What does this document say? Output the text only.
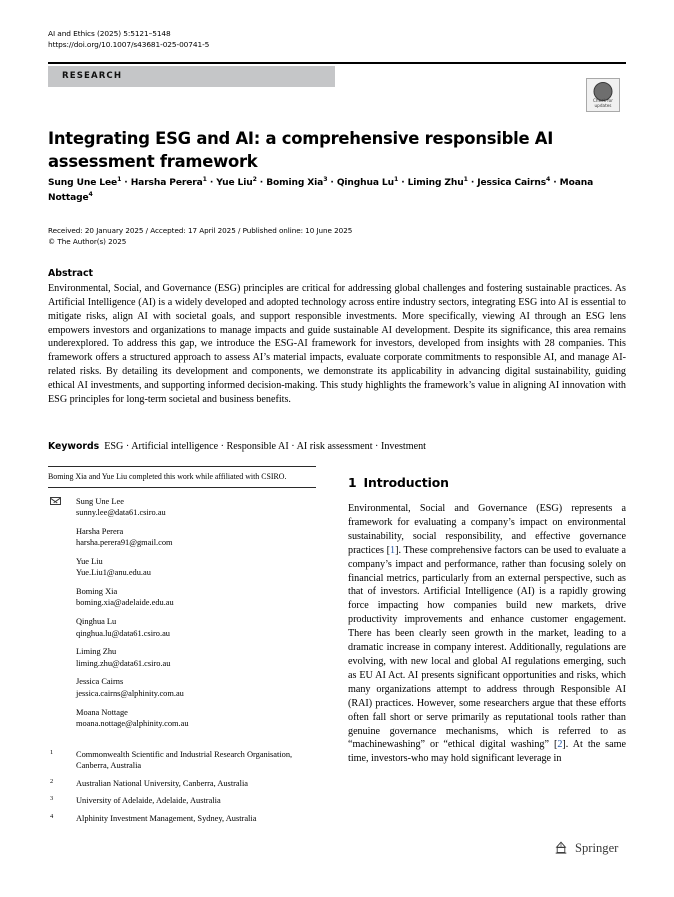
AI and Ethics (2025) 5:5121–5148
https://doi.org/10.1007/s43681-025-00741-5
RESEARCH
Check for
updates
Integrating ESG and AI: a comprehensive responsible AI assessment framework
Sung Une Lee$^1$ · Harsha Perera$^1$ · Yue Liu$^2$ · Boming Xia$^3$ · Qinghua $Lu^1 \cdot Liming$ Zhu$^1$ · Jessica Cairns$^4$ · Moana Nottage$^4$
Received: 20 January 2025 / Accepted: 17 April 2025 / Published online: 10 June 2025
© The Author(s) 2025
Abstract
Environmental, Social, and Governance (ESG) principles are critical for addressing global challenges and fostering sustainable practices. As Artificial Intelligence (AI) is a widely developed and adopted technology across entire industry sectors, integrating ESG into AI is essential to mitigate risks, align AI with societal goals, and support responsible investments. More specifically, viewing AI through an ESG lens empowers investors and organizations to manage impacts and guide sustainable AI development. Despite its significance, this area remains underexplored. To address this gap, we introduce the ESG-AI framework for investors, developed from insights with 28 companies. This framework offers a structured approach to assess AI’s material impacts, evaluate corporate commitments to responsible AI, and manage AI-related risks. By detailing its development and components, we demonstrate its applicability in advancing digital sustainability, guiding ethical AI investments, and supporting informed decision-making. This study highlights the framework’s value in aligning AI innovation with ESG principles for long-term societal and business benefits.
Keywords ESG · Artificial intelligence · Responsible AI · AI risk assessment · Investment
Boming Xia and Yue Liu completed this work while affiliated with CSIRO.
Sung Une Lee
sunny.lee@data61.csiro.au
Harsha Perera
harsha.perera91@gmail.com
Yue Liu
Yue.Liu1@anu.edu.au
Boming Xia
boming.xia@adelaide.edu.au
Qinghua Lu
qinghua.lu@data61.csiro.au
Liming Zhu
liming.zhu@data61.csiro.au
Jessica Cairns
jessica.cairns@alphinity.com.au
Moana Nottage
moana.nottage@alphinity.com.au
1	Commonwealth Scientific and Industrial Research Organisation, Canberra, Australia
2	Australian National University, Canberra, Australia
3	University of Adelaide, Adelaide, Australia
4	Alphinity Investment Management, Sydney, Australia
1 Introduction
Environmental, Social and Governance (ESG) represents a framework for evaluating a company’s impact on environmental sustainability, social responsibility, and effective governance practices [1]. These comprehensive factors can be used to evaluate a company’s impact and performance, rather than focusing solely on financial metrics, particularly from an external perspective, such as that of investors. Artificial Intelligence (AI) is a rapidly growing force impacting how companies build new markets, drive productivity improvements and enhance customer engagement. There has been clearly seen growth in the market, leading to a dramatic increase in company interest. Additionally, regulations are evolving, with new local and global AI regulations emerging, such as EU AI Act. AI presents significant opportunities and risks, which many organizations attempt to address through Responsible AI (RAI) practices. However, some researchers argue that these efforts often fall short or serve primarily as reputational tools rather than genuine governance mechanisms, which is referred to as “machinewashing” or “ethical digital washing” [2]. At the same time, investors-who may hold significant leverage in
Springer
